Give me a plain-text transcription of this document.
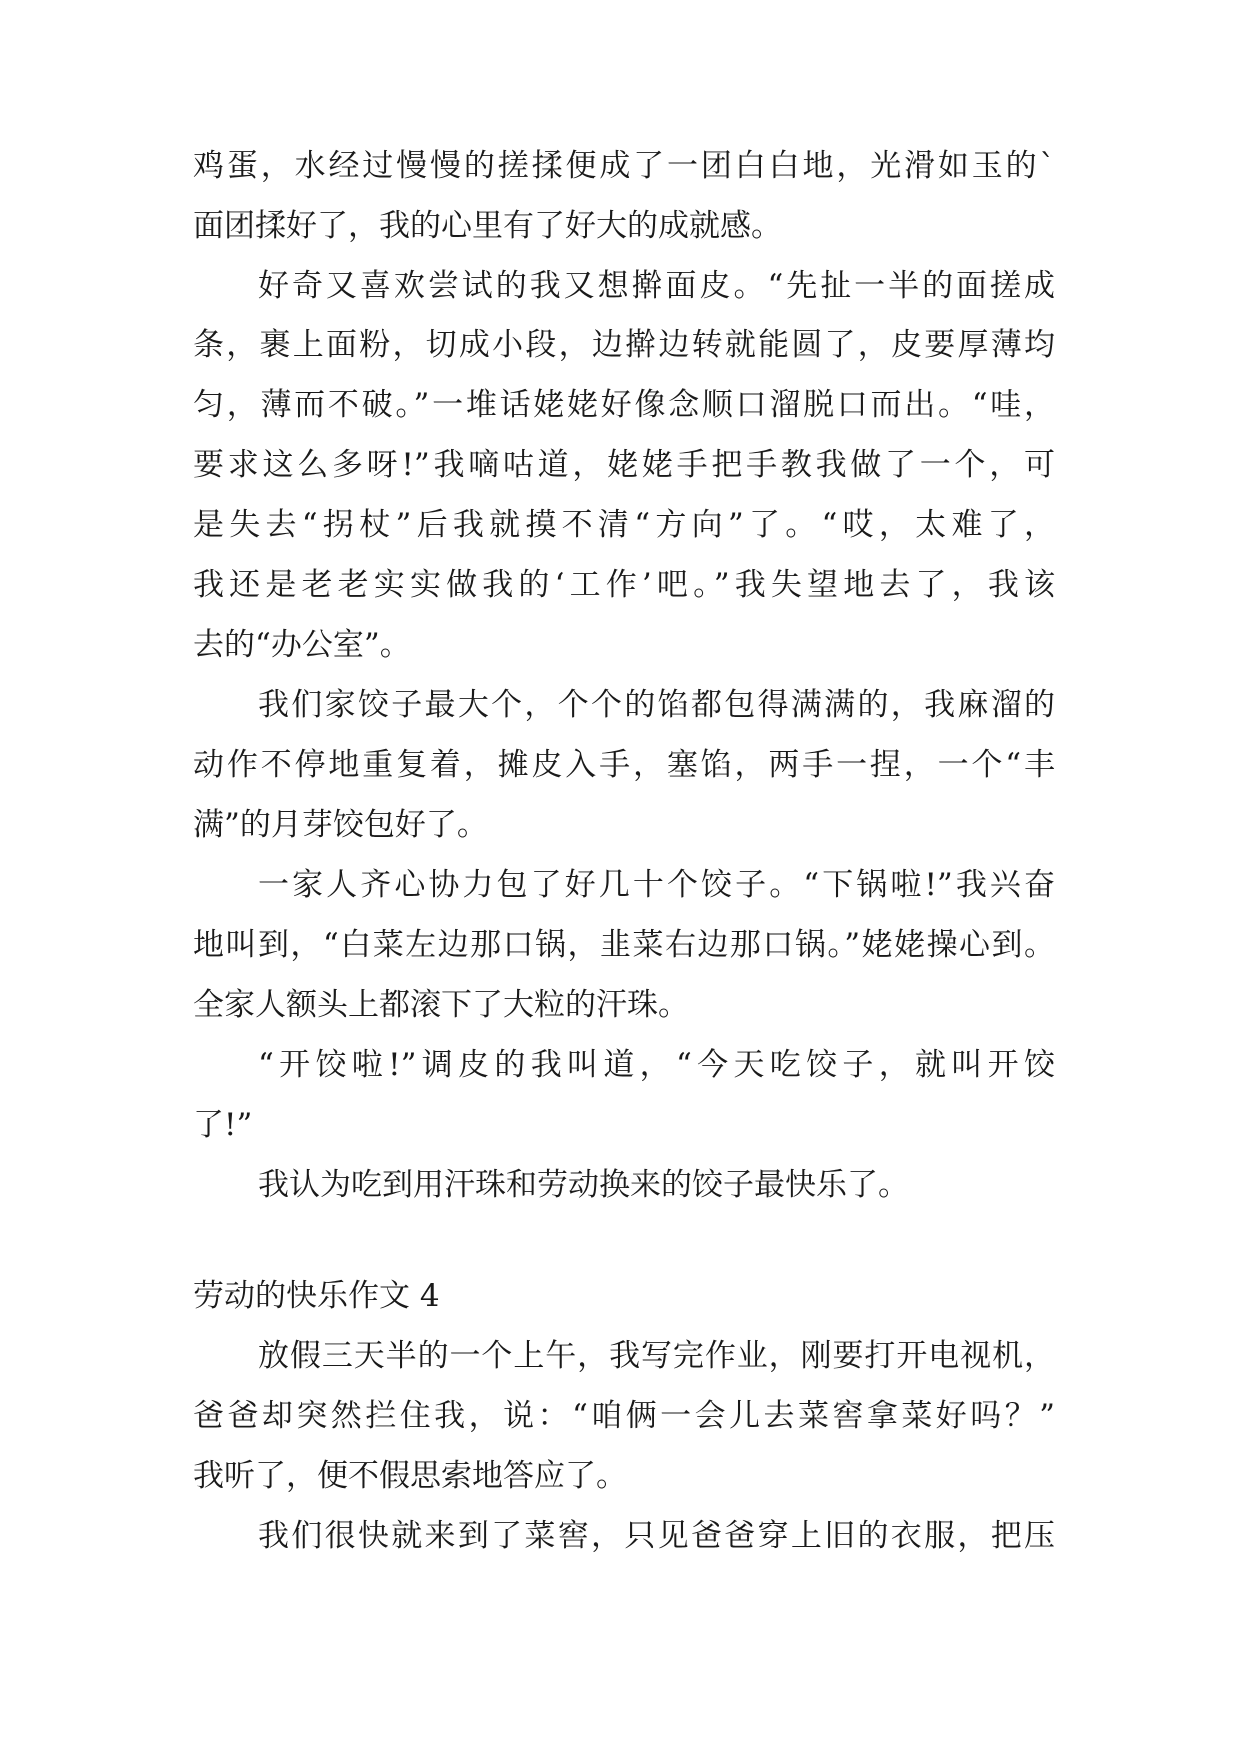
鸡蛋，水经过慢慢的搓揉便成了一团白白地，光滑如玉的`
面团揉好了，我的心里有了好大的成就感。
好奇又喜欢尝试的我又想擀面皮。“先扯一半的面搓成
条，裹上面粉，切成小段，边擀边转就能圆了，皮要厚薄均
匀，薄而不破。”一堆话姥姥好像念顺口溜脱口而出。“哇，
要求这么多呀!”我嘀咕道，姥姥手把手教我做了一个，可
是失去“拐杖”后我就摸不清“方向”了。“哎，太难了，
我还是老老实实做我的‘工作’吧。”我失望地去了，我该
去的“办公室”。
我们家饺子最大个，个个的馅都包得满满的，我麻溜的
动作不停地重复着，摊皮入手，塞馅，两手一捏，一个“丰
满”的月芽饺包好了。
一家人齐心协力包了好几十个饺子。“下锅啦!”我兴奋
地叫到，“白菜左边那口锅，韭菜右边那口锅。”姥姥操心到。
全家人额头上都滚下了大粒的汗珠。
“开饺啦!”调皮的我叫道，“今天吃饺子，就叫开饺
了!”
我认为吃到用汗珠和劳动换来的饺子最快乐了。
劳动的快乐作文 4
放假三天半的一个上午，我写完作业，刚要打开电视机，
爸爸却突然拦住我，说：“咱俩一会儿去菜窖拿菜好吗？”
我听了，便不假思索地答应了。
我们很快就来到了菜窖，只见爸爸穿上旧的衣服，把压
